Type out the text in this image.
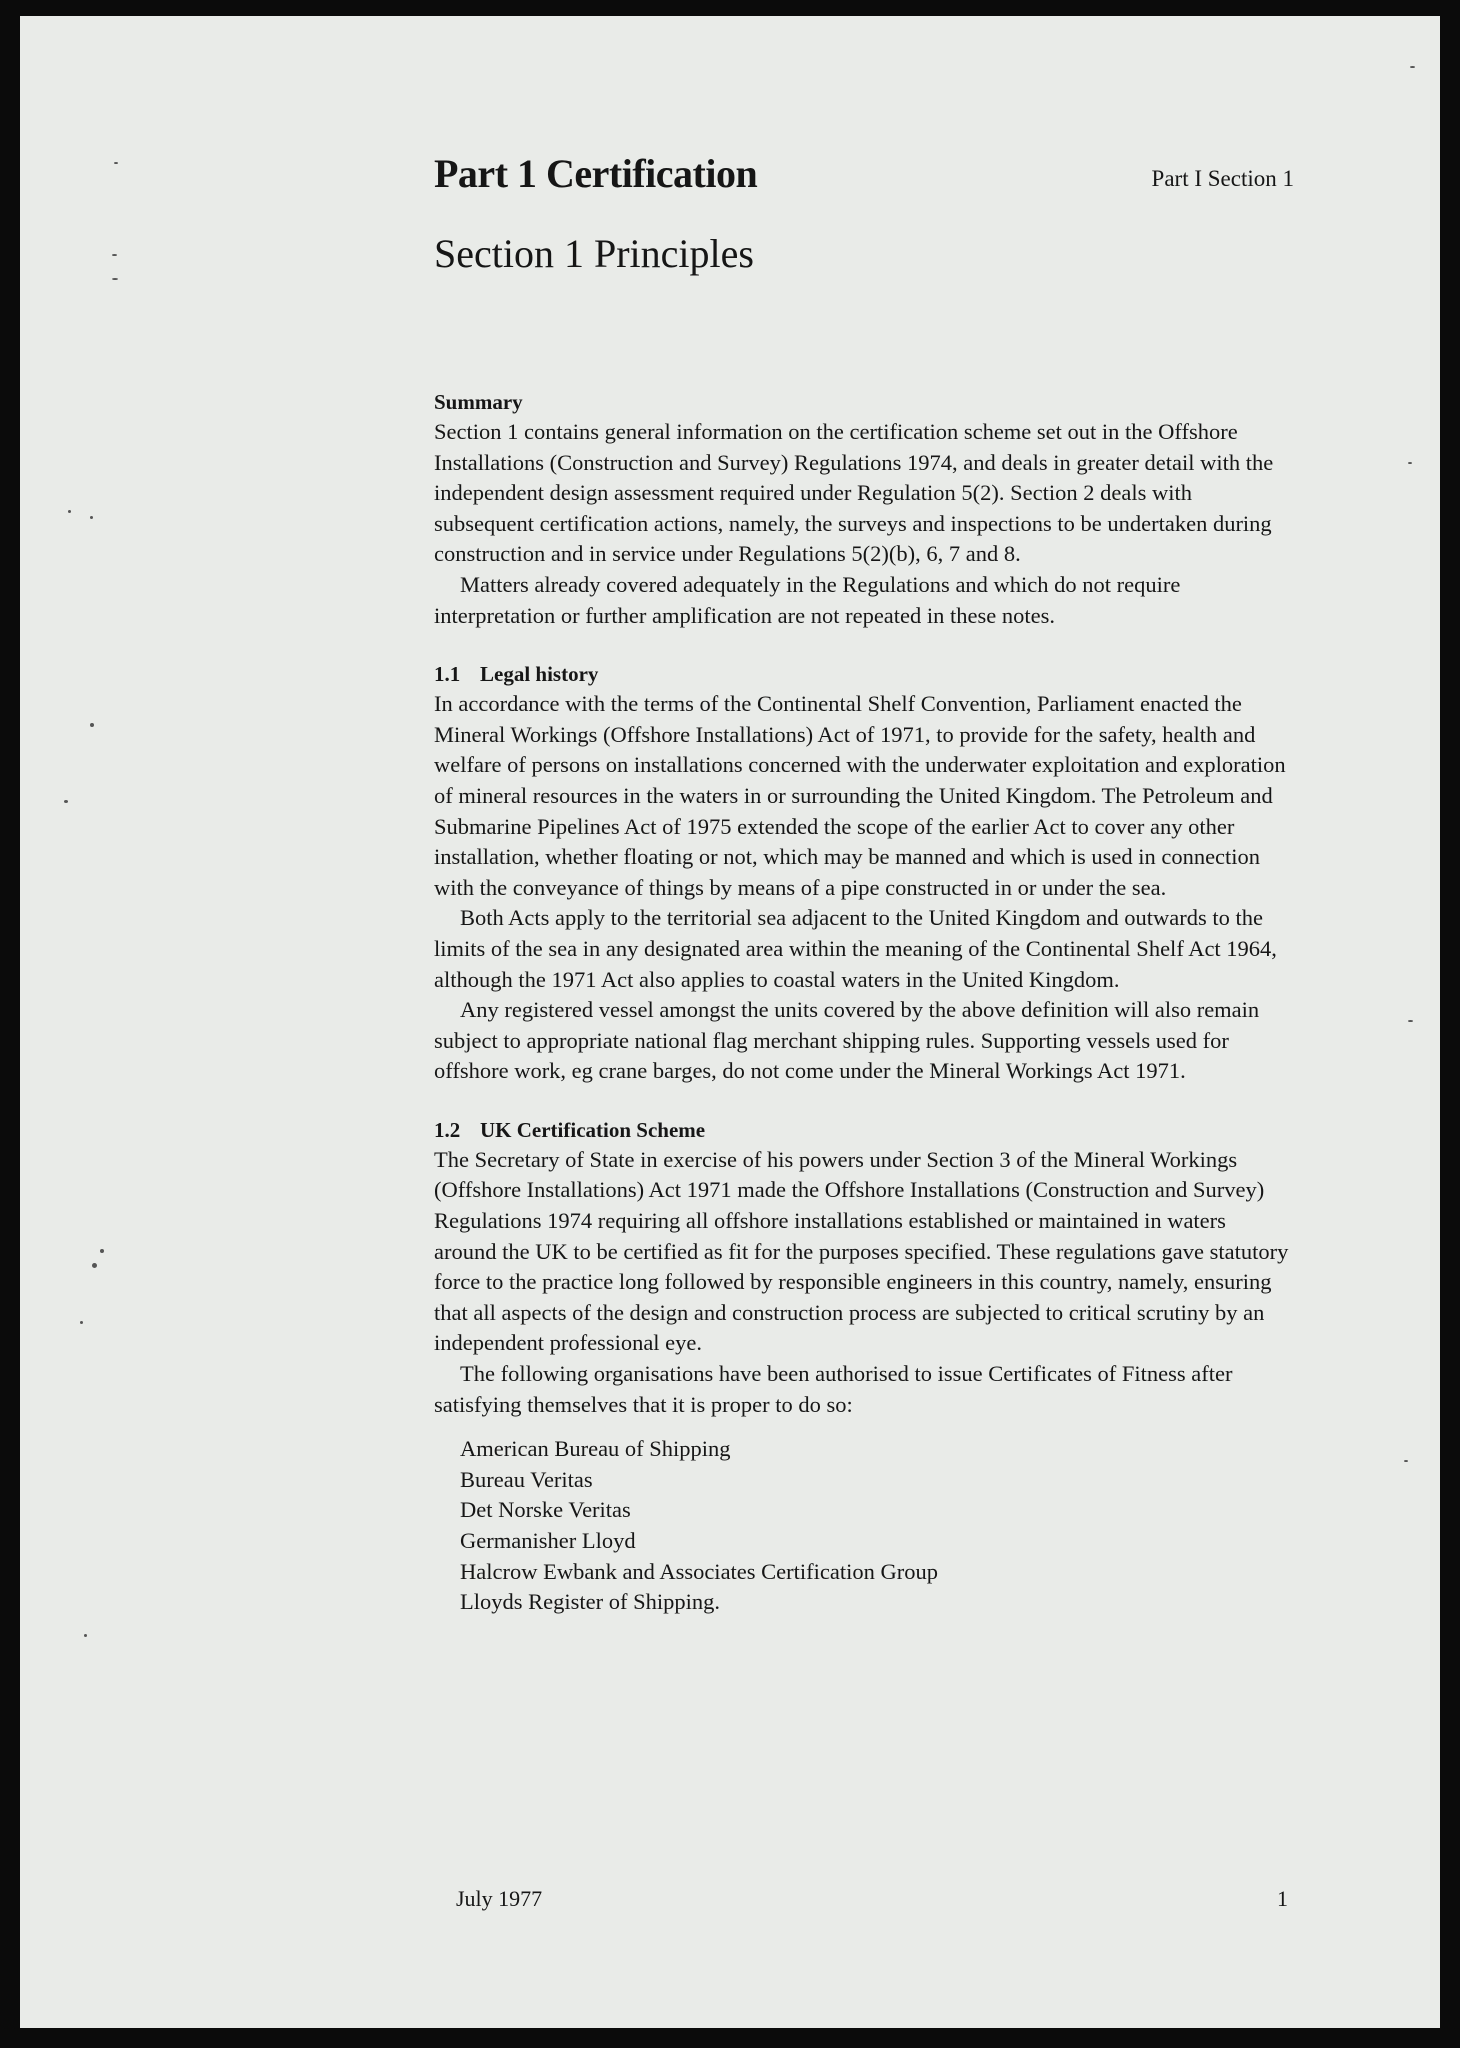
Part 1 Certification	Part I Section 1
Section 1 Principles
Summary

Section 1 contains general information on the certification scheme set out in the Offshore Installations (Construction and Survey) Regulations 1974, and deals in greater detail with the independent design assessment required under Regulation 5(2). Section 2 deals with subsequent certification actions, namely, the surveys and inspections to be undertaken during construction and in service under Regulations 5(2)(b), 6, 7 and 8.

Matters already covered adequately in the Regulations and which do not require interpretation or further amplification are not repeated in these notes.

1.1 Legal history

In accordance with the terms of the Continental Shelf Convention, Parliament enacted the Mineral Workings (Offshore Installations) Act of 1971, to provide for the safety, health and welfare of persons on installations concerned with the underwater exploitation and exploration of mineral resources in the waters in or surrounding the United Kingdom. The Petroleum and Submarine Pipelines Act of 1975 extended the scope of the earlier Act to cover any other installation, whether floating or not, which may be manned and which is used in connection with the conveyance of things by means of a pipe constructed in or under the sea.

Both Acts apply to the territorial sea adjacent to the United Kingdom and outwards to the limits of the sea in any designated area within the meaning of the Continental Shelf Act 1964, although the 1971 Act also applies to coastal waters in the United Kingdom.

Any registered vessel amongst the units covered by the above definition will also remain subject to appropriate national flag merchant shipping rules. Supporting vessels used for offshore work, eg crane barges, do not come under the Mineral Workings Act 1971.

1.2 UK Certification Scheme

The Secretary of State in exercise of his powers under Section 3 of the Mineral Workings (Offshore Installations) Act 1971 made the Offshore Installations (Construction and Survey) Regulations 1974 requiring all offshore installations established or maintained in waters around the UK to be certified as fit for the purposes specified. These regulations gave statutory force to the practice long followed by responsible engineers in this country, namely, ensuring that all aspects of the design and construction process are subjected to critical scrutiny by an independent professional eye.

The following organisations have been authorised to issue Certificates of Fitness after satisfying themselves that it is proper to do so:

American Bureau of Shipping
Bureau Veritas
Det Norske Veritas
Germanisher Lloyd
Halcrow Ewbank and Associates Certification Group
Lloyds Register of Shipping.
July 1977	1
